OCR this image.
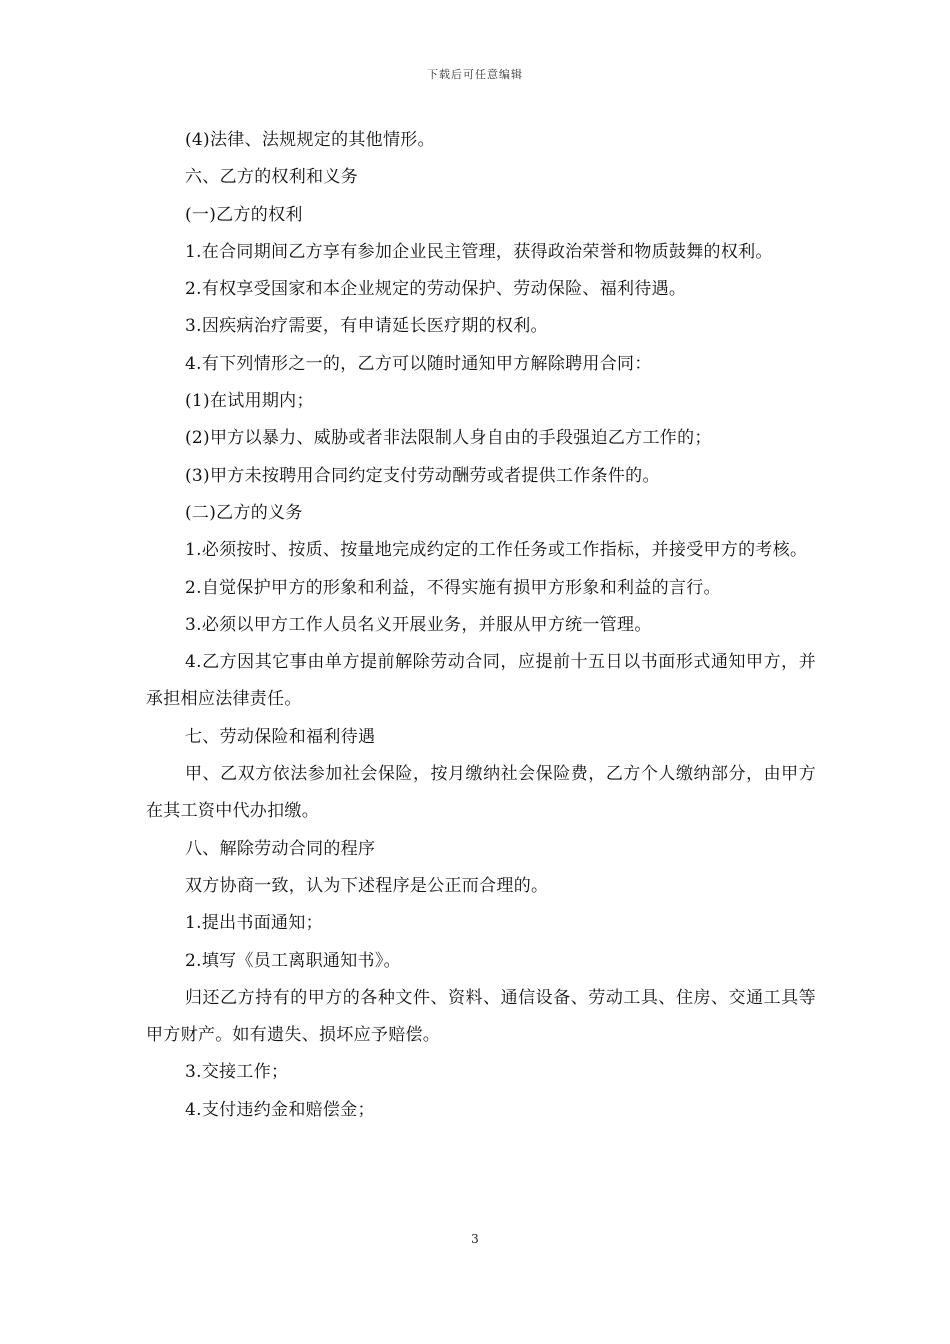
下载后可任意编辑

(4)法律、法规规定的其他情形。

六、乙方的权利和义务

(一)乙方的权利

1.在合同期间乙方享有参加企业民主管理，获得政治荣誉和物质鼓舞的权利。

2.有权享受国家和本企业规定的劳动保护、劳动保险、福利待遇。

3.因疾病治疗需要，有申请延长医疗期的权利。

4.有下列情形之一的，乙方可以随时通知甲方解除聘用合同：

(1)在试用期内；

(2)甲方以暴力、威胁或者非法限制人身自由的手段强迫乙方工作的；

(3)甲方未按聘用合同约定支付劳动酬劳或者提供工作条件的。

(二)乙方的义务

1.必须按时、按质、按量地完成约定的工作任务或工作指标，并接受甲方的考核。

2.自觉保护甲方的形象和利益，不得实施有损甲方形象和利益的言行。

3.必须以甲方工作人员名义开展业务，并服从甲方统一管理。

4.乙方因其它事由单方提前解除劳动合同，应提前十五日以书面形式通知甲方，并承担相应法律责任。

七、劳动保险和福利待遇

甲、乙双方依法参加社会保险，按月缴纳社会保险费，乙方个人缴纳部分，由甲方在其工资中代办扣缴。

八、解除劳动合同的程序

双方协商一致，认为下述程序是公正而合理的。

1.提出书面通知；

2.填写《员工离职通知书》。

归还乙方持有的甲方的各种文件、资料、通信设备、劳动工具、住房、交通工具等甲方财产。如有遗失、损坏应予赔偿。

3.交接工作；

4.支付违约金和赔偿金；

3
